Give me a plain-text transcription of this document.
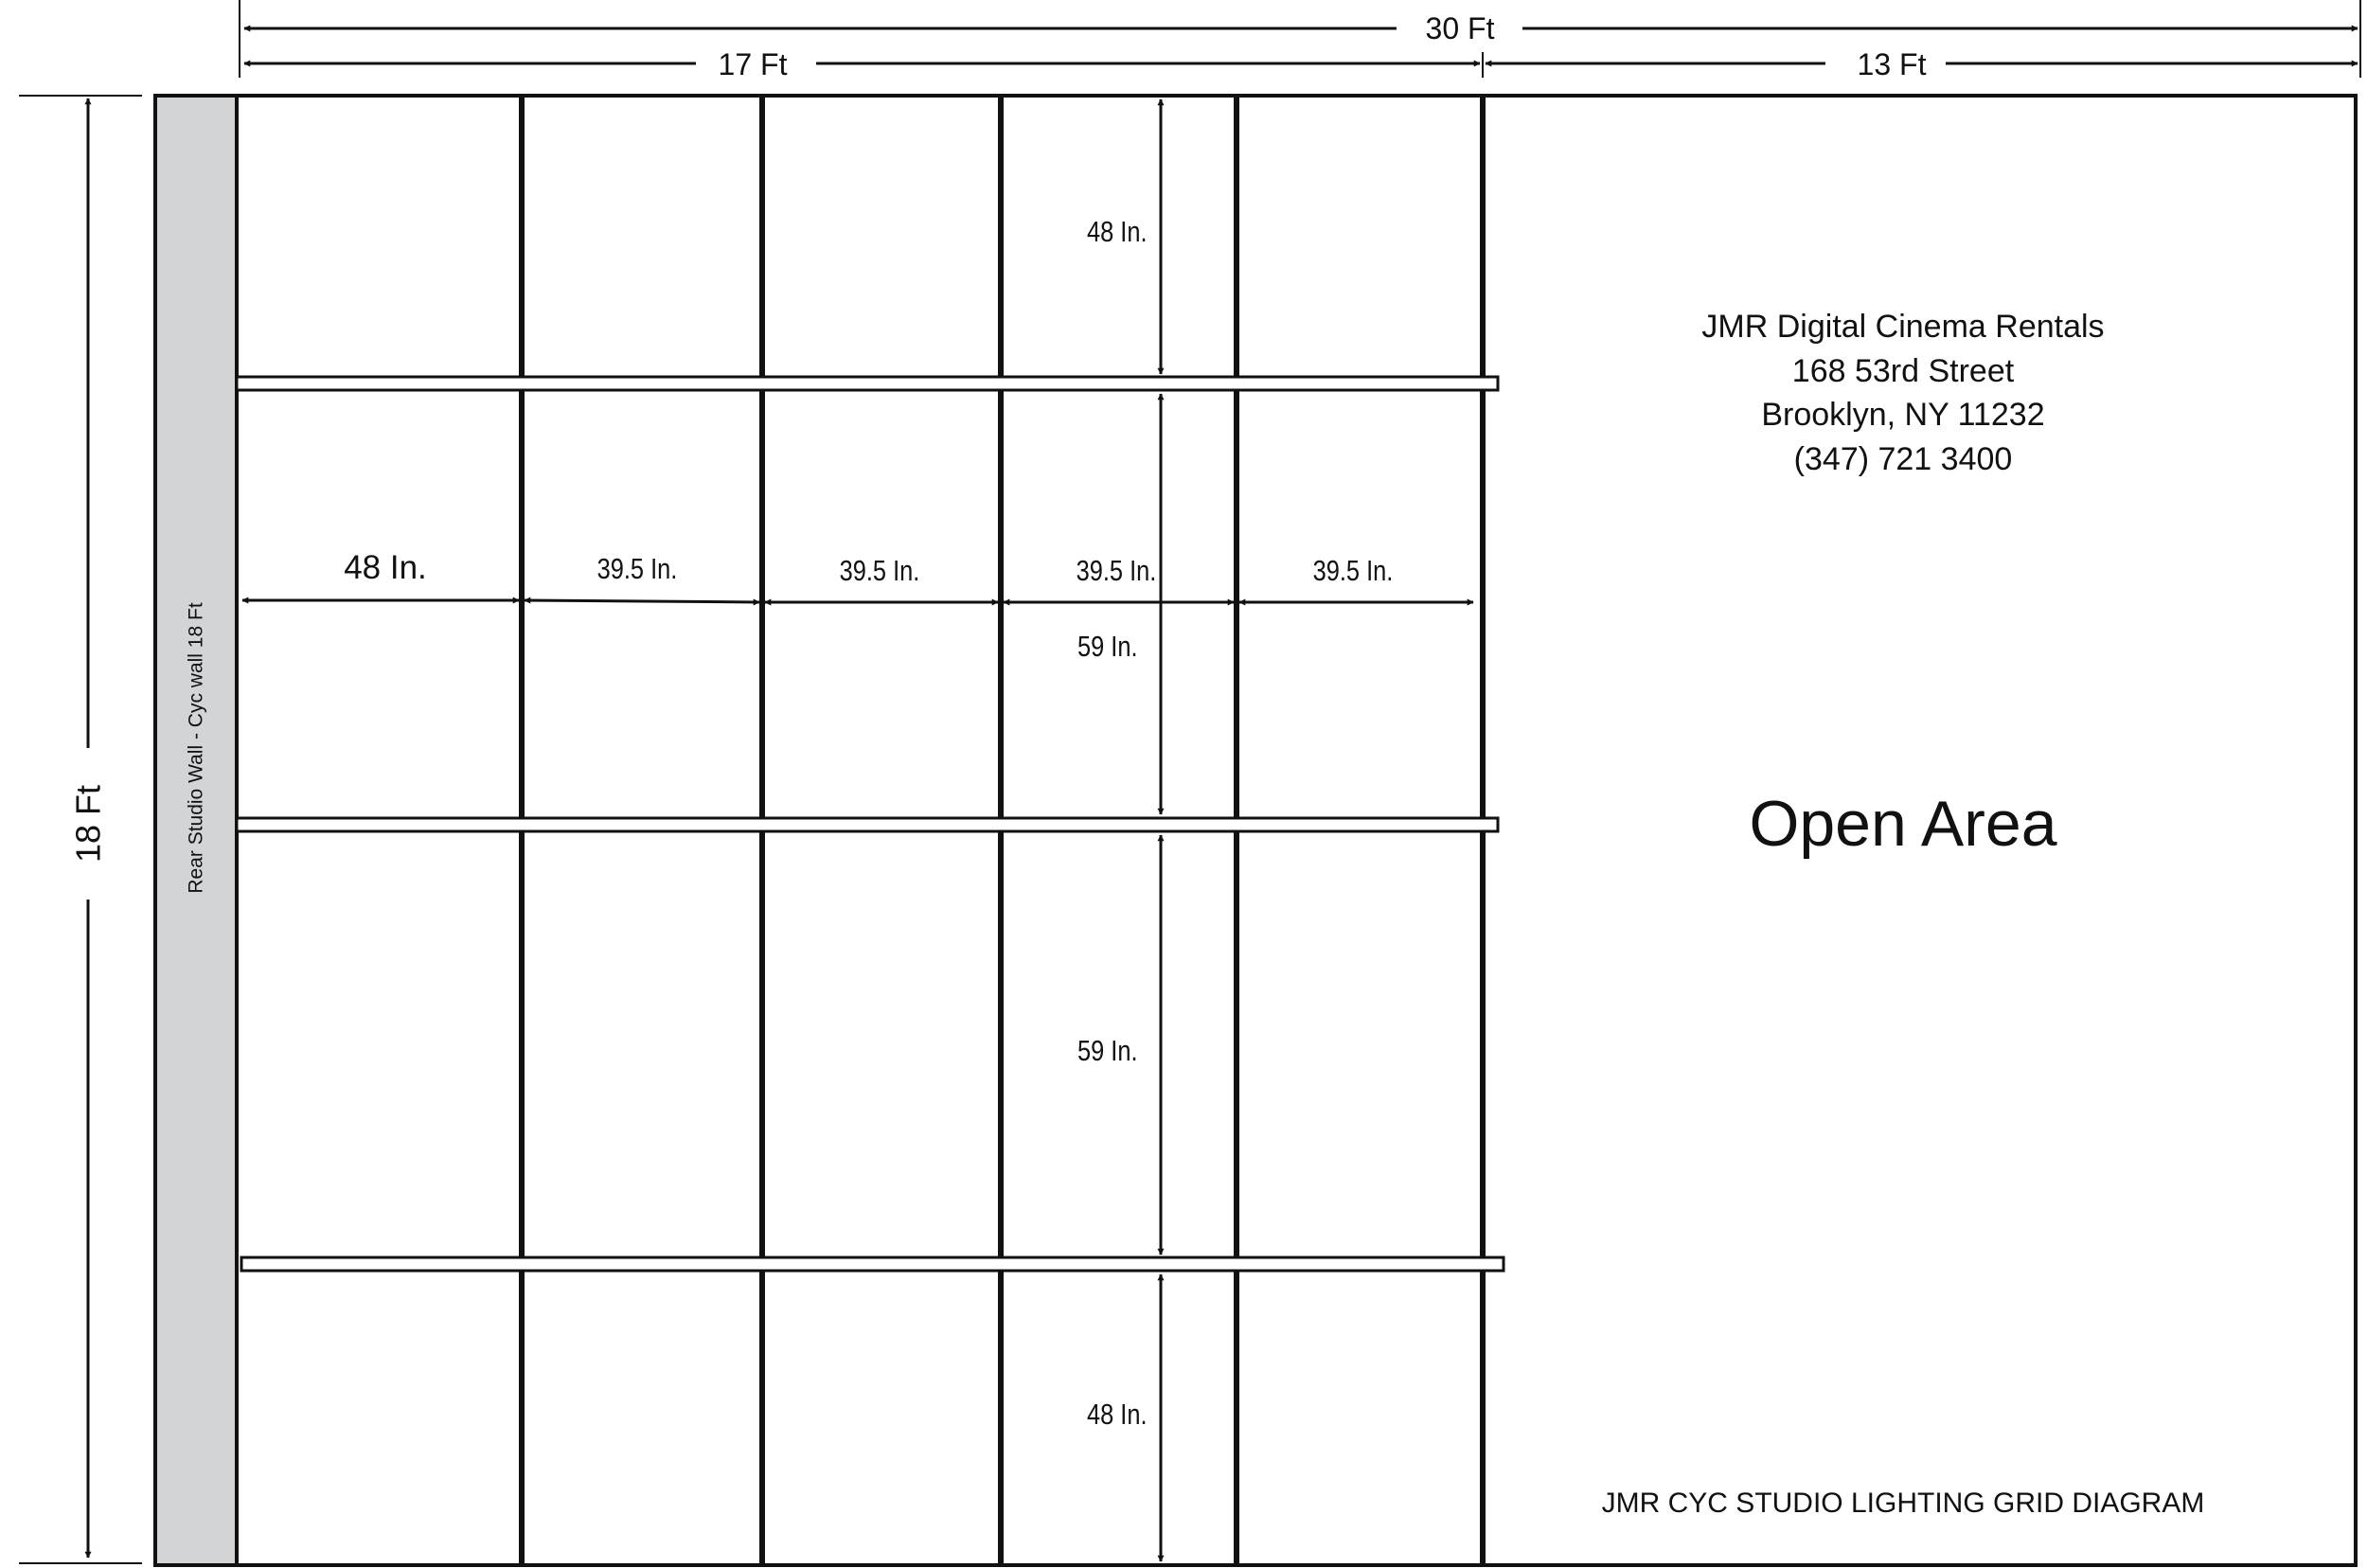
30 Ft
17 Ft	13 Ft
18 Ft	Rear Studio Wall - Cyc wall 18 Ft
48 In.	39.5 In.	39.5 In.	39.5 In.	39.5 In.
48 In.
59 In.
59 In.
48 In.
JMR Digital Cinema Rentals
168 53rd Street
Brooklyn, NY 11232
(347) 721 3400
Open Area
JMR CYC STUDIO LIGHTING GRID DIAGRAM
